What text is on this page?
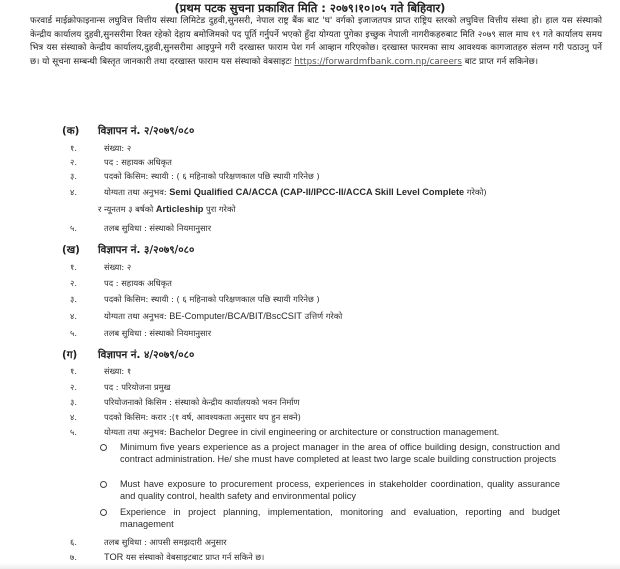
(प्रथम पटक सुचना प्रकाशित मिति : २०७९।१०।०५ गते बिहिवार)
फरवार्ड माईक्रोफाइनान्स लघुवित्त वित्तीय संस्था लिमिटेड दुहवी,सुनसरी, नेपाल राष्ट्र बैंक बाट 'घ' वर्गको इजाजतपत्र प्राप्त राष्ट्रिय स्तरको लघुवित्त वित्तीय संस्था हो। हाल यस संस्थाको केन्द्रीय कार्यालय दुहवी,सुनसरीमा रिक्त रहेको देहाय बमोजिमको पद पूर्ति गर्नुपर्ने भएको हुँदा योग्यता पुगेका इच्छुक नेपाली नागरीकहरुबाट मिति २०७९ साल माघ १९ गते कार्यालय समय भित्र यस संस्थाको केन्द्रीय कार्यालय,दुहवी,सुनसरीमा आइपुग्ने गरी दरखास्त फाराम पेश गर्न आव्हान गरिएकोछ। दरखास्त फारमका साथ आवश्यक कागजातहरु संलग्न गरी पठाउनु पर्ने छ। यो सूचना सम्बन्धी बिस्तृत जानकारी तथा दरखास्त फाराम यस संस्थाको वेबसाइटः https://forwardmfbank.com.np/careers बाट प्राप्त गर्न सकिनेछ।
(क) विज्ञापन नं. २/२०७९/०८०
१.	संख्या: २
२.	पद : सहायक अधिकृत
३.	पदको किसिम: स्थायी : ( ६ महिनाको परिक्षणकाल पछि स्थायी गरिनेछ )
४.	योग्यता तथा अनुभव: Semi Qualified CA/ACCA (CAP-II/IPCC-II/ACCA Skill Level Complete गरेको)
र न्यूनतम ३ बर्षको Articleship पुरा गरेको
५.	तलब सुविधा : संस्थाको नियमानुसार
(ख) विज्ञापन नं. ३/२०७९/०८०
१.	संख्या: २
२.	पद : सहायक अधिकृत
३.	पदको किसिम: स्थायी : ( ६ महिनाको परिक्षणकाल पछि स्थायी गरिनेछ )
४.	योग्यता तथा अनुभव: BE-Computer/BCA/BIT/BscCSIT उत्तिर्ण गरेको
५.	तलब सुविधा : संस्थाको नियमानुसार
(ग) विज्ञापन नं. ४/२०७९/०८०
१.	संख्या: १
२.	पद : परियोजना प्रमुख
३.	परियोजनाको किसिम : संस्थाको केन्द्रीय कार्यालयको भवन निर्माण
४.	पदको किसिम: करार :(१ वर्ष, आवश्यकता अनुसार थप हुन सक्ने)
५.	योग्यता तथा अनुभव: Bachelor Degree in civil engineering or architecture or construction management.
Minimum five years experience as a project manager in the area of office building design, construction and contract administration. He/ she must have completed at least two large scale building construction projects
Must have exposure to procurement process, experiences in stakeholder coordination, quality assurance and quality control, health safety and environmental policy
Experience in project planning, implementation, monitoring and evaluation, reporting and budget management
६.	तलब सुविधा : आपसी समझदारी अनुसार
७.	TOR यस संस्थाको वेबसाइटबाट प्राप्त गर्न सकिने छ।
